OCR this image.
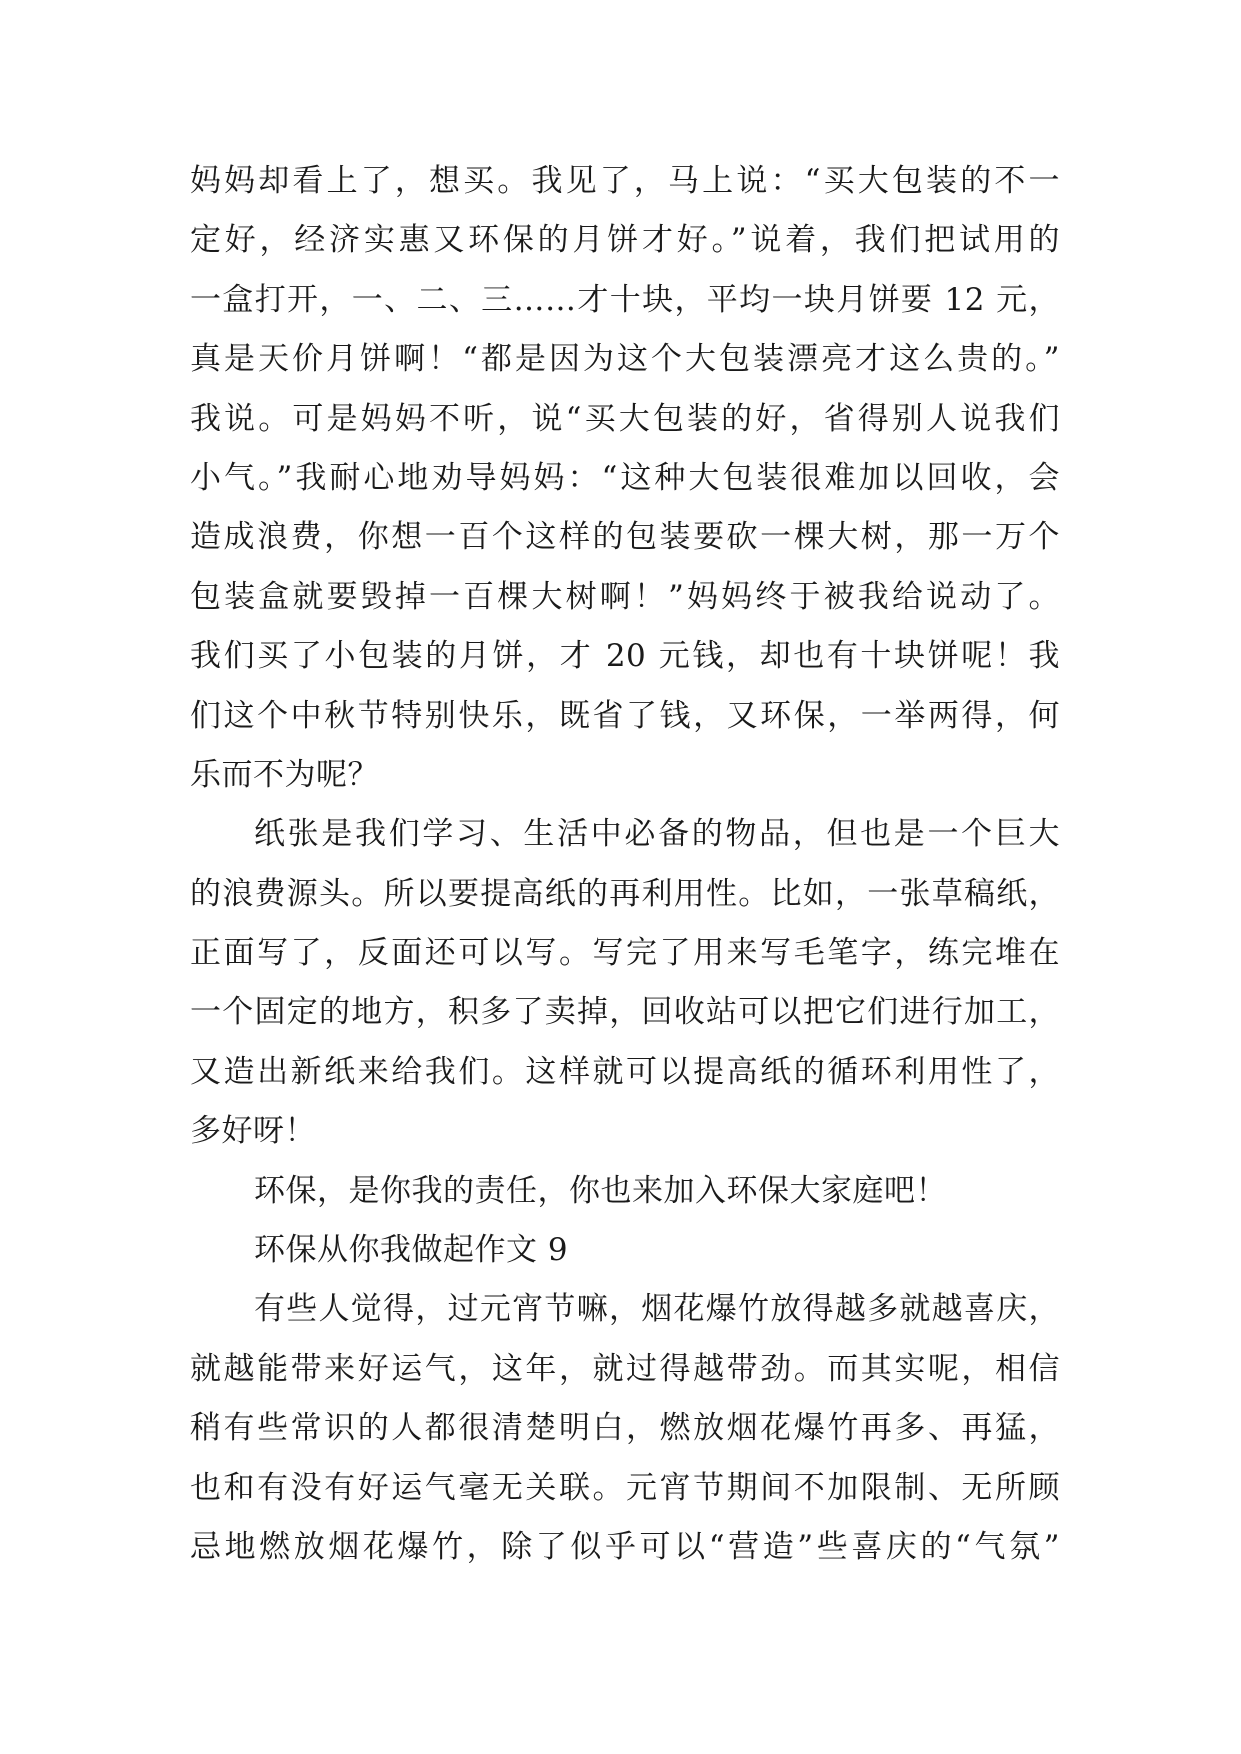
妈妈却看上了，想买。我见了，马上说：“买大包装的不一
定好，经济实惠又环保的月饼才好。”说着，我们把试用的
一盒打开，一、二、三……才十块，平均一块月饼要 12 元，
真是天价月饼啊！“都是因为这个大包装漂亮才这么贵的。”
我说。可是妈妈不听，说“买大包装的好，省得别人说我们
小气。”我耐心地劝导妈妈：“这种大包装很难加以回收，会
造成浪费，你想一百个这样的包装要砍一棵大树，那一万个
包装盒就要毁掉一百棵大树啊！”妈妈终于被我给说动了。
我们买了小包装的月饼，才 20 元钱，却也有十块饼呢！我
们这个中秋节特别快乐，既省了钱，又环保，一举两得，何
乐而不为呢？
纸张是我们学习、生活中必备的物品，但也是一个巨大
的浪费源头。所以要提高纸的再利用性。比如，一张草稿纸，
正面写了，反面还可以写。写完了用来写毛笔字，练完堆在
一个固定的地方，积多了卖掉，回收站可以把它们进行加工，
又造出新纸来给我们。这样就可以提高纸的循环利用性了，
多好呀！
环保，是你我的责任，你也来加入环保大家庭吧！
环保从你我做起作文 9
有些人觉得，过元宵节嘛，烟花爆竹放得越多就越喜庆，
就越能带来好运气，这年，就过得越带劲。而其实呢，相信
稍有些常识的人都很清楚明白，燃放烟花爆竹再多、再猛，
也和有没有好运气毫无关联。元宵节期间不加限制、无所顾
忌地燃放烟花爆竹，除了似乎可以“营造”些喜庆的“气氛”
